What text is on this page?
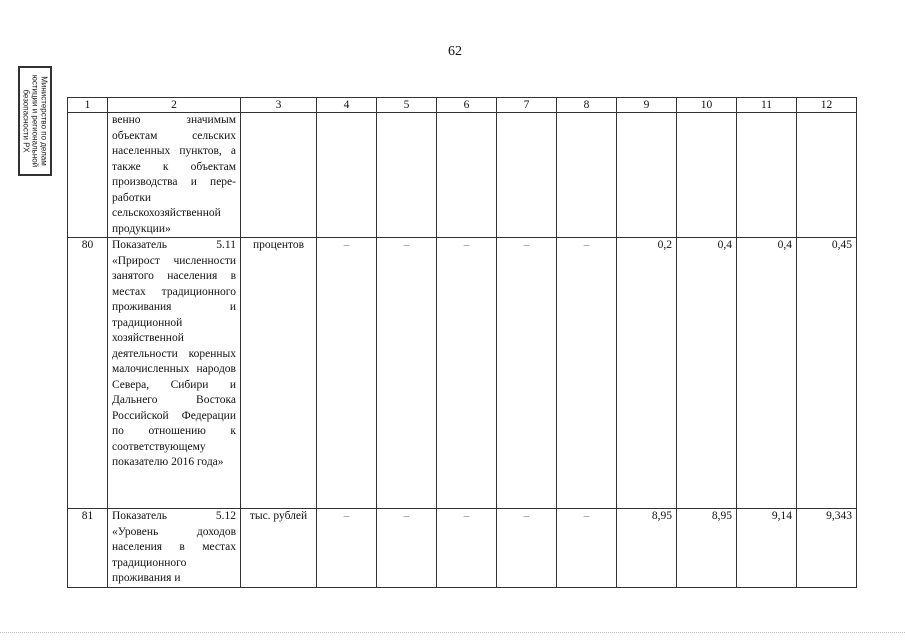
62
Министерство по делам юстиции и региональной безопасности РХ	1	2	3	4	5	6	7	8	9	10	11	12
	венно значимым объектам сельских населенных пунктов, а также к объектам производства и пере-работки сельскохозяйственной продукции»										
80	Показатель 5.11 «Прирост численности занятого населения в местах традиционного проживания и традиционной хозяйственной деятельности коренных малочисленных народов Севера, Сибири и Дальнего Востока Российской Федерации по отношению к соответствующему показателю 2016 года»	процентов	–	–	–	–	–	0,2	0,4	0,4	0,45
81	Показатель 5.12 «Уровень доходов населения в местах традиционного проживания и	тыс. рублей	–	–	–	–	–	8,95	8,95	9,14	9,343
